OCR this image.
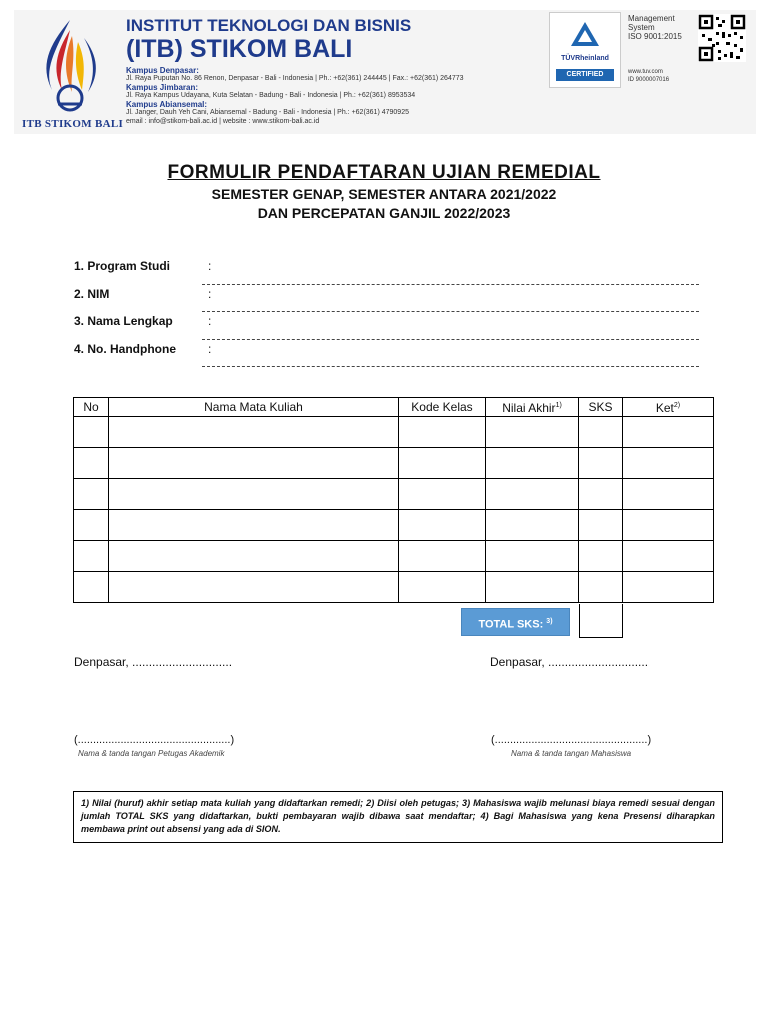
ITB STIKOM BALI
INSTITUT TEKNOLOGI DAN BISNIS
(ITB) STIKOM BALI
Kampus Denpasar:
Jl. Raya Puputan No. 86 Renon, Denpasar - Bali - Indonesia | Ph.: +62(361) 244445 | Fax.: +62(361) 264773
Kampus Jimbaran:
Jl. Raya Kampus Udayana, Kuta Selatan - Badung - Bali - Indonesia | Ph.: +62(361) 8953534
Kampus Abiansemal:
Jl. Janger, Dauh Yeh Cani, Abiansemal - Badung - Bali - Indonesia | Ph.: +62(361) 4790925
email : info@stikom-bali.ac.id | website : www.stikom-bali.ac.id
TÜVRheinland
CERTIFIED
Management
System
ISO 9001:2015
www.tuv.com
ID 9000007016
FORMULIR PENDAFTARAN UJIAN REMEDIAL
SEMESTER GENAP, SEMESTER ANTARA 2021/2022
DAN PERCEPATAN GANJIL 2022/2023
1. Program Studi	:
2. NIM	:
3. Nama Lengkap	:
4. No. Handphone	:
No	Nama Mata Kuliah	Kode Kelas	Nilai Akhir$^{1)}$	SKS	Ket$^{2)}$

TOTAL SKS: $^{3)}$
Denpasar, ..............................	Denpasar, ..............................
(..................................................)	(..................................................)
Nama & tanda tangan Petugas Akademik	Nama & tanda tangan Mahasiswa
1) Nilai (huruf) akhir setiap mata kuliah yang didaftarkan remedi; 2) Diisi oleh petugas; 3) Mahasiswa wajib melunasi biaya remedi sesuai dengan jumlah TOTAL SKS yang didaftarkan, bukti pembayaran wajib dibawa saat mendaftar; 4) Bagi Mahasiswa yang kena Presensi diharapkan membawa print out absensi yang ada di SION.
